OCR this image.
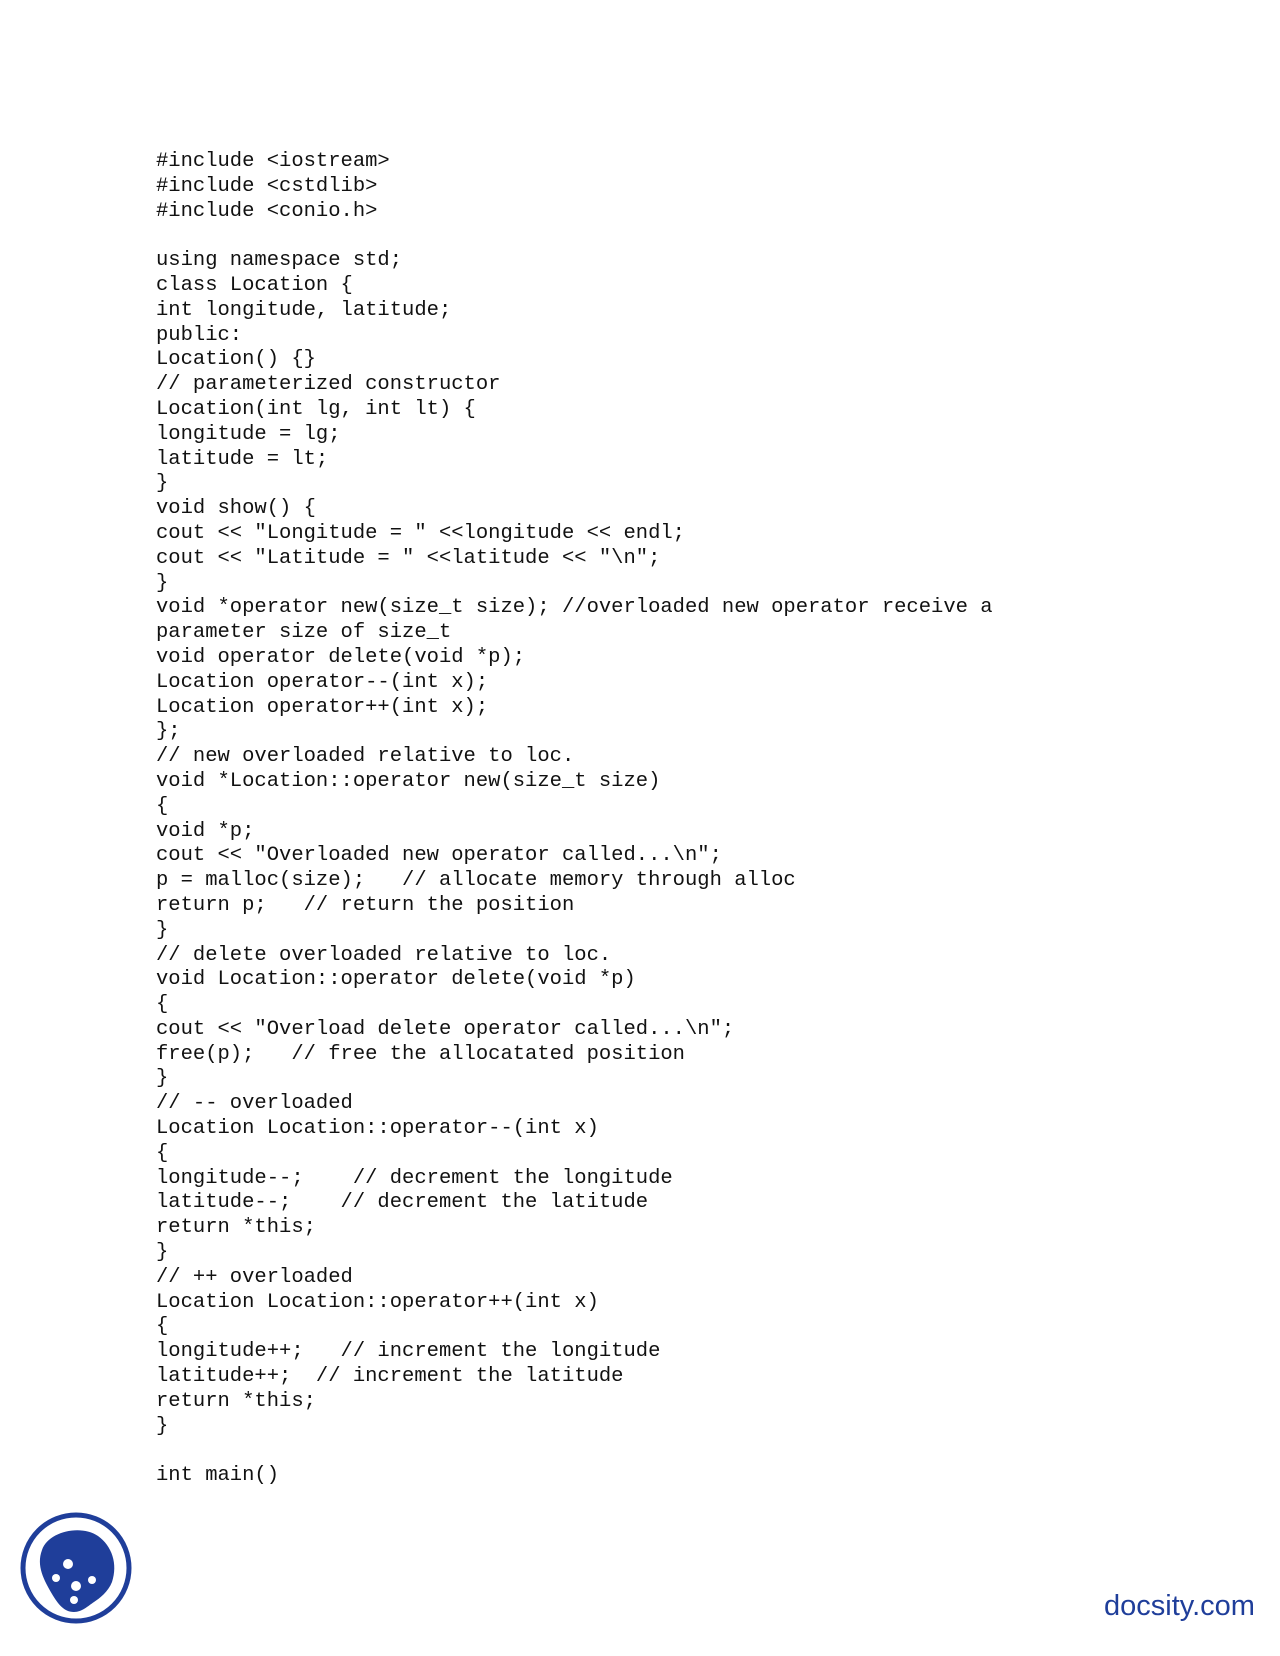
#include <iostream>
#include <cstdlib>
#include <conio.h>
using namespace std;
class Location {
int longitude, latitude;
public:
Location() {}
// parameterized constructor
Location(int lg, int lt) {
longitude = lg;
latitude = lt;
}
void show() {
cout << "Longitude = " <<longitude << endl;
cout << "Latitude = " <<latitude << "\n";
}
void *operator new(size_t size); //overloaded new operator receive a
parameter size of size_t
void operator delete(void *p);
Location operator--(int x);
Location operator++(int x);
};
// new overloaded relative to loc.
void *Location::operator new(size_t size)
{
void *p;
cout << "Overloaded new operator called...\n";
p = malloc(size);   // allocate memory through alloc
return p;   // return the position
}
// delete overloaded relative to loc.
void Location::operator delete(void *p)
{
cout << "Overload delete operator called...\n";
free(p);   // free the allocatated position
}
// -- overloaded
Location Location::operator--(int x)
{
longitude--;    // decrement the longitude
latitude--;    // decrement the latitude
return *this;
}
// ++ overloaded
Location Location::operator++(int x)
{
longitude++;   // increment the longitude
latitude++;  // increment the latitude
return *this;
}
int main()
docsity.com
